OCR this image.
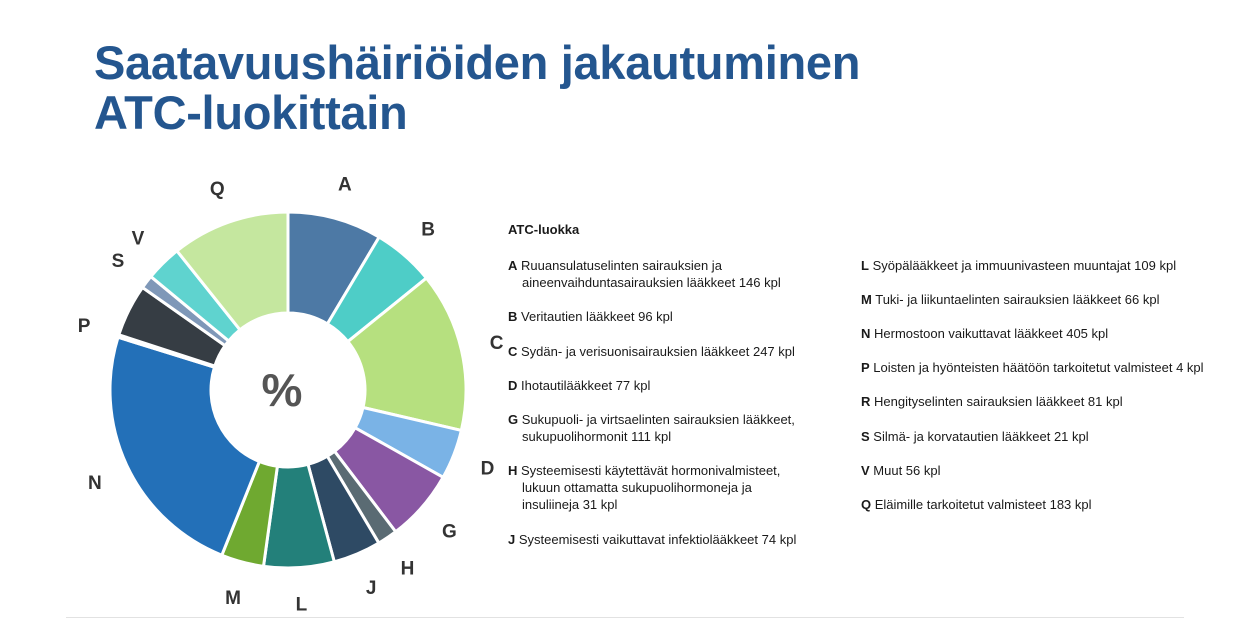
Saatavuushäiriöiden jakautuminen
ATC-luokittain
A
B
C
D
G
H
J
L
M
N
P
S
V
Q
%
ATC-luokka
A Ruuansulatuselinten sairauksien ja
aineenvaihduntasairauksien lääkkeet 146 kpl
B Veritautien lääkkeet 96 kpl
C Sydän- ja verisuonisairauksien lääkkeet 247 kpl
D Ihotautilääkkeet 77 kpl
G Sukupuoli- ja virtsaelinten sairauksien lääkkeet,
sukupuolihormonit 111 kpl
H Systeemisesti käytettävät hormonivalmisteet,
lukuun ottamatta sukupuolihormoneja ja
insuliineja 31 kpl
J Systeemisesti vaikuttavat infektiolääkkeet 74 kpl
L Syöpälääkkeet ja immuunivasteen muuntajat 109 kpl
M Tuki- ja liikuntaelinten sairauksien lääkkeet 66 kpl
N Hermostoon vaikuttavat lääkkeet 405 kpl
P Loisten ja hyönteisten häätöön tarkoitetut valmisteet 4 kpl
R Hengityselinten sairauksien lääkkeet 81 kpl
S Silmä- ja korvatautien lääkkeet 21 kpl
V Muut 56 kpl
Q Eläimille tarkoitetut valmisteet 183 kpl
